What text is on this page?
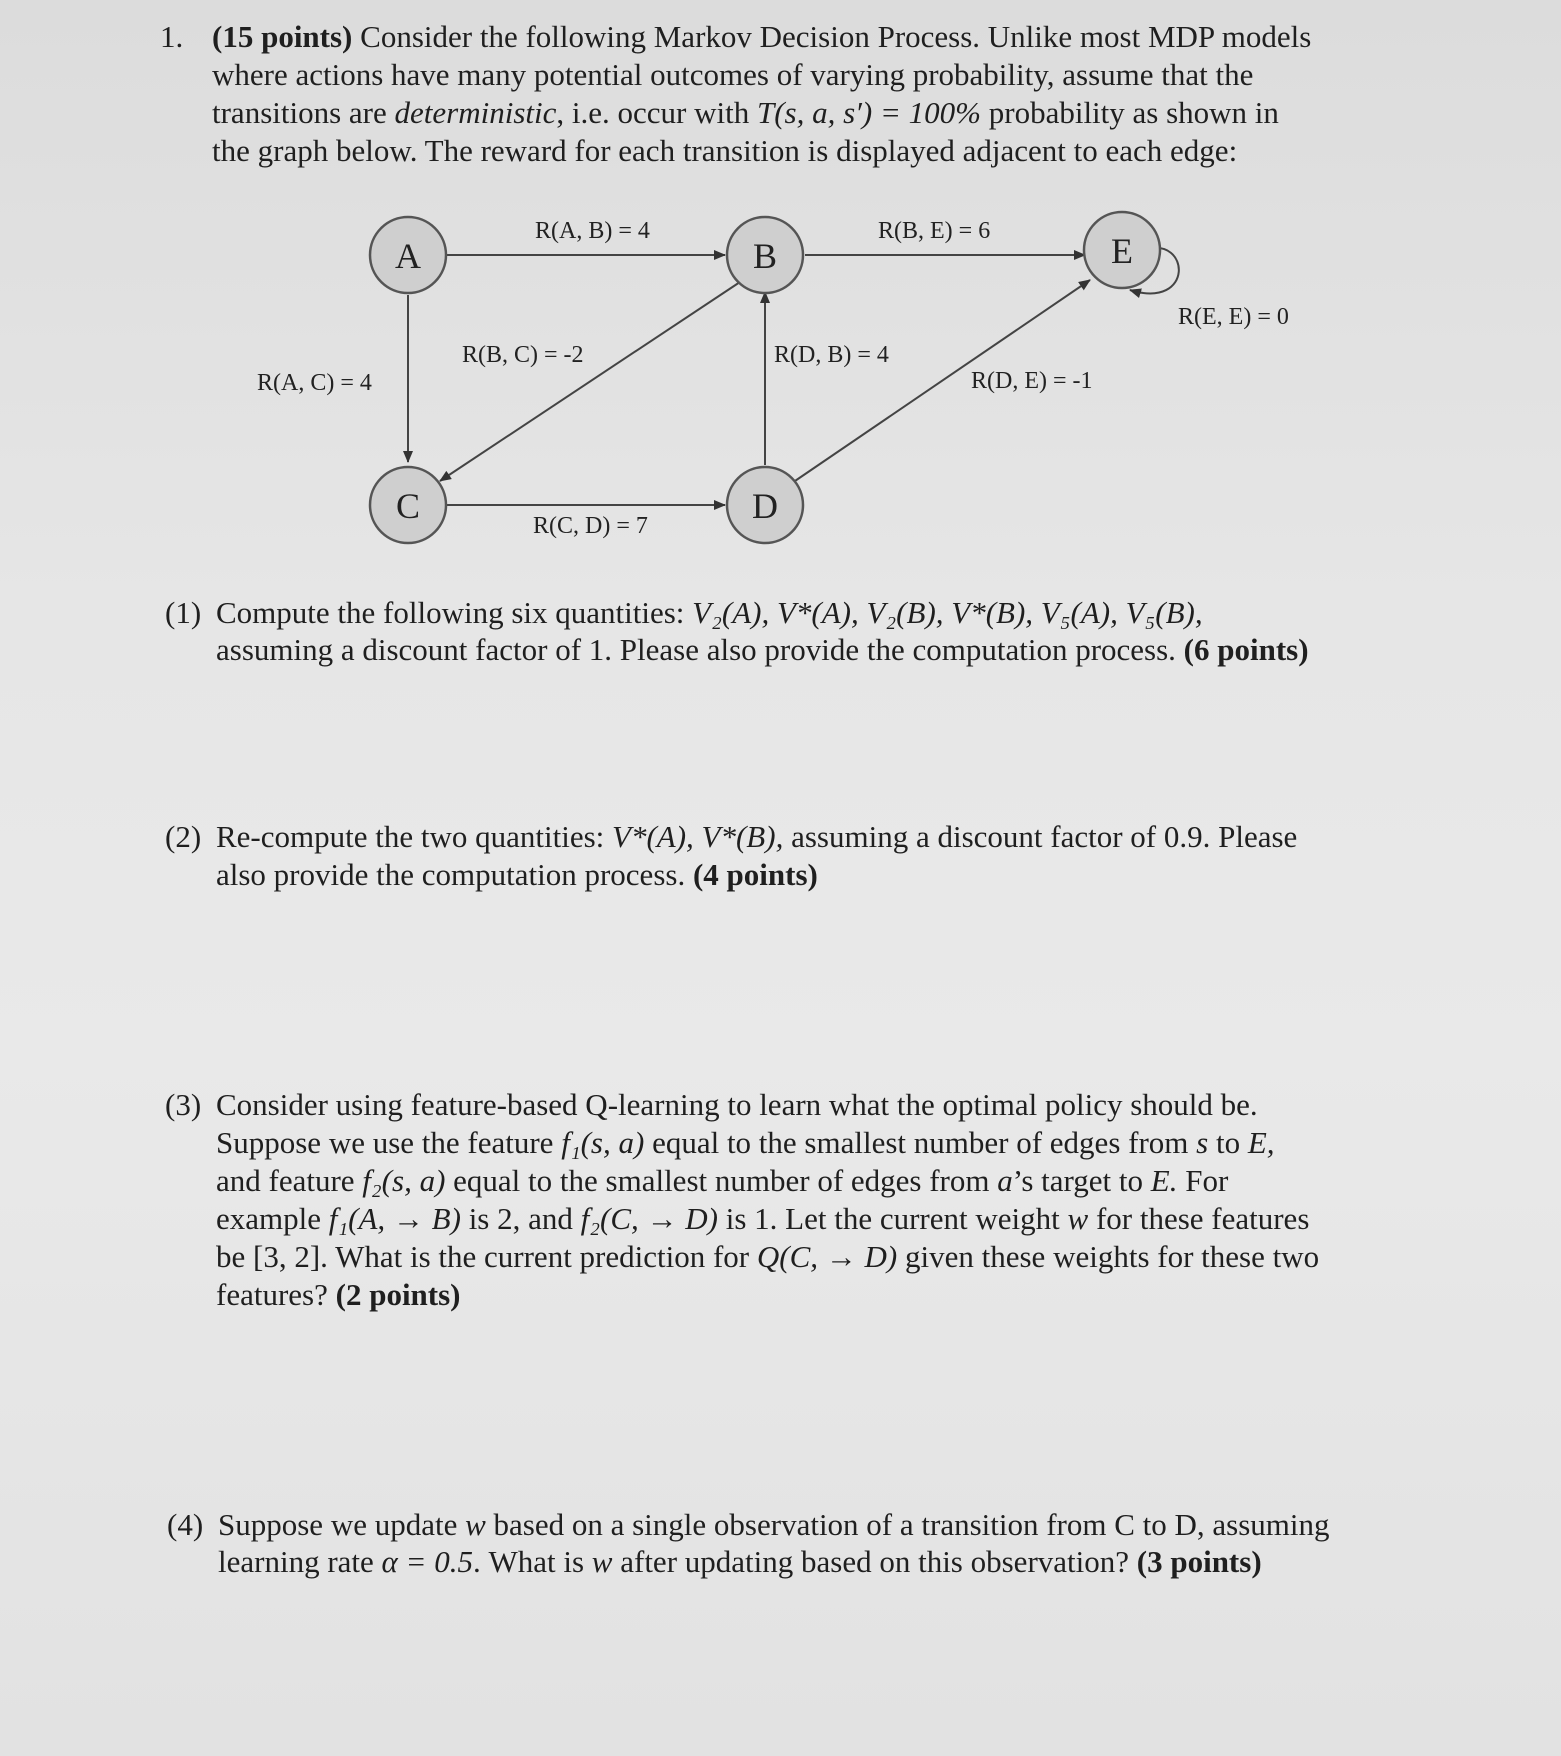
1. (15 points) Consider the following Markov Decision Process. Unlike most MDP models
where actions have many potential outcomes of varying probability, assume that the
transitions are deterministic, i.e. occur with T(s, a, s′) = 100% probability as shown in
the graph below. The reward for each transition is displayed adjacent to each edge:
A	B
C	D
E
R(A, B) = 4	R(B, E) = 6
R(E, E) = 0
R(A, C) = 4
R(B, C) = -2	R(D, B) = 4
R(D, E) = -1
R(C, D) = 7
(1) Compute the following six quantities: V₂(A), V*(A), V₂(B), V*(B), V₅(A), V₅(B),
assuming a discount factor of 1. Please also provide the computation process. (6 points)
(2) Re-compute the two quantities: V*(A), V*(B), assuming a discount factor of 0.9. Please
also provide the computation process. (4 points)
(3) Consider using feature-based Q-learning to learn what the optimal policy should be.
Suppose we use the feature f₁(s, a) equal to the smallest number of edges from s to E,
and feature f₂(s, a) equal to the smallest number of edges from a’s target to E. For
example f₁(A, → B) is 2, and f₂(C, → D) is 1. Let the current weight w for these features
be [3, 2]. What is the current prediction for Q(C, → D) given these weights for these two
features? (2 points)
(4) Suppose we update w based on a single observation of a transition from C to D, assuming
learning rate α = 0.5. What is w after updating based on this observation? (3 points)
